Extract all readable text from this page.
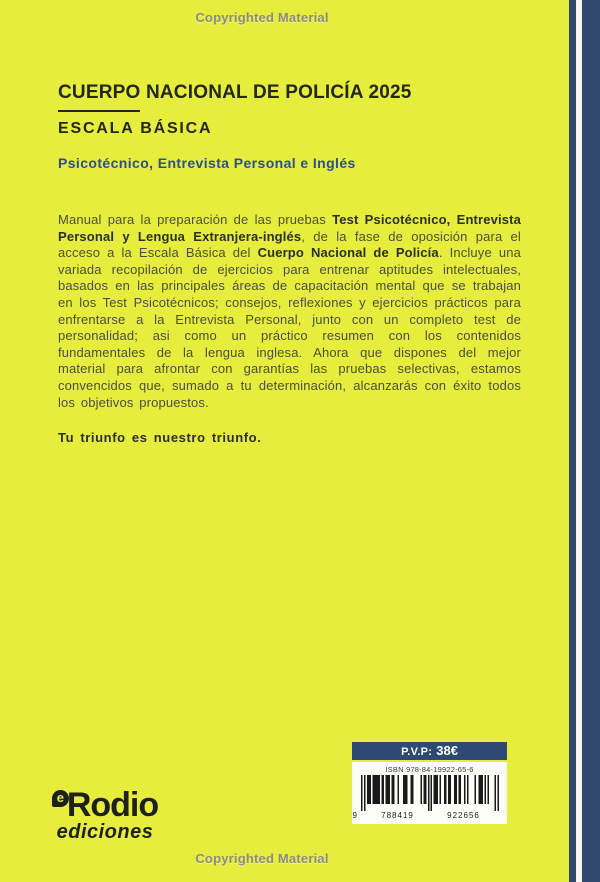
Copyrighted Material
CUERPO NACIONAL DE POLICÍA 2025
ESCALA BÁSICA
Psicotécnico, Entrevista Personal e Inglés
Manual para la preparación de las pruebas Test Psicotécnico, Entrevista Personal y Lengua Extranjera-inglés, de la fase de oposición para el acceso a la Escala Básica del Cuerpo Nacional de Policía. Incluye una variada recopilación de ejercicios para entrenar aptitudes intelectuales, basados en las principales áreas de capacitación mental que se trabajan en los Test Psicotécnicos; consejos, reflexiones y ejercicios prácticos para enfrentarse a la Entrevista Personal, junto con un completo test de personalidad; asi como un práctico resumen con los contenidos fundamentales de la lengua inglesa. Ahora que dispones del mejor material para afrontar con garantías las pruebas selectivas, estamos convencidos que, sumado a tu determinación, alcanzarás con éxito todos los objetivos propuestos.
Tu triunfo es nuestro triunfo.
P.V.P: 38€
ISBN 978-84-19922-65-6
9	788419	922656
eRodio
ediciones
Copyrighted Material
